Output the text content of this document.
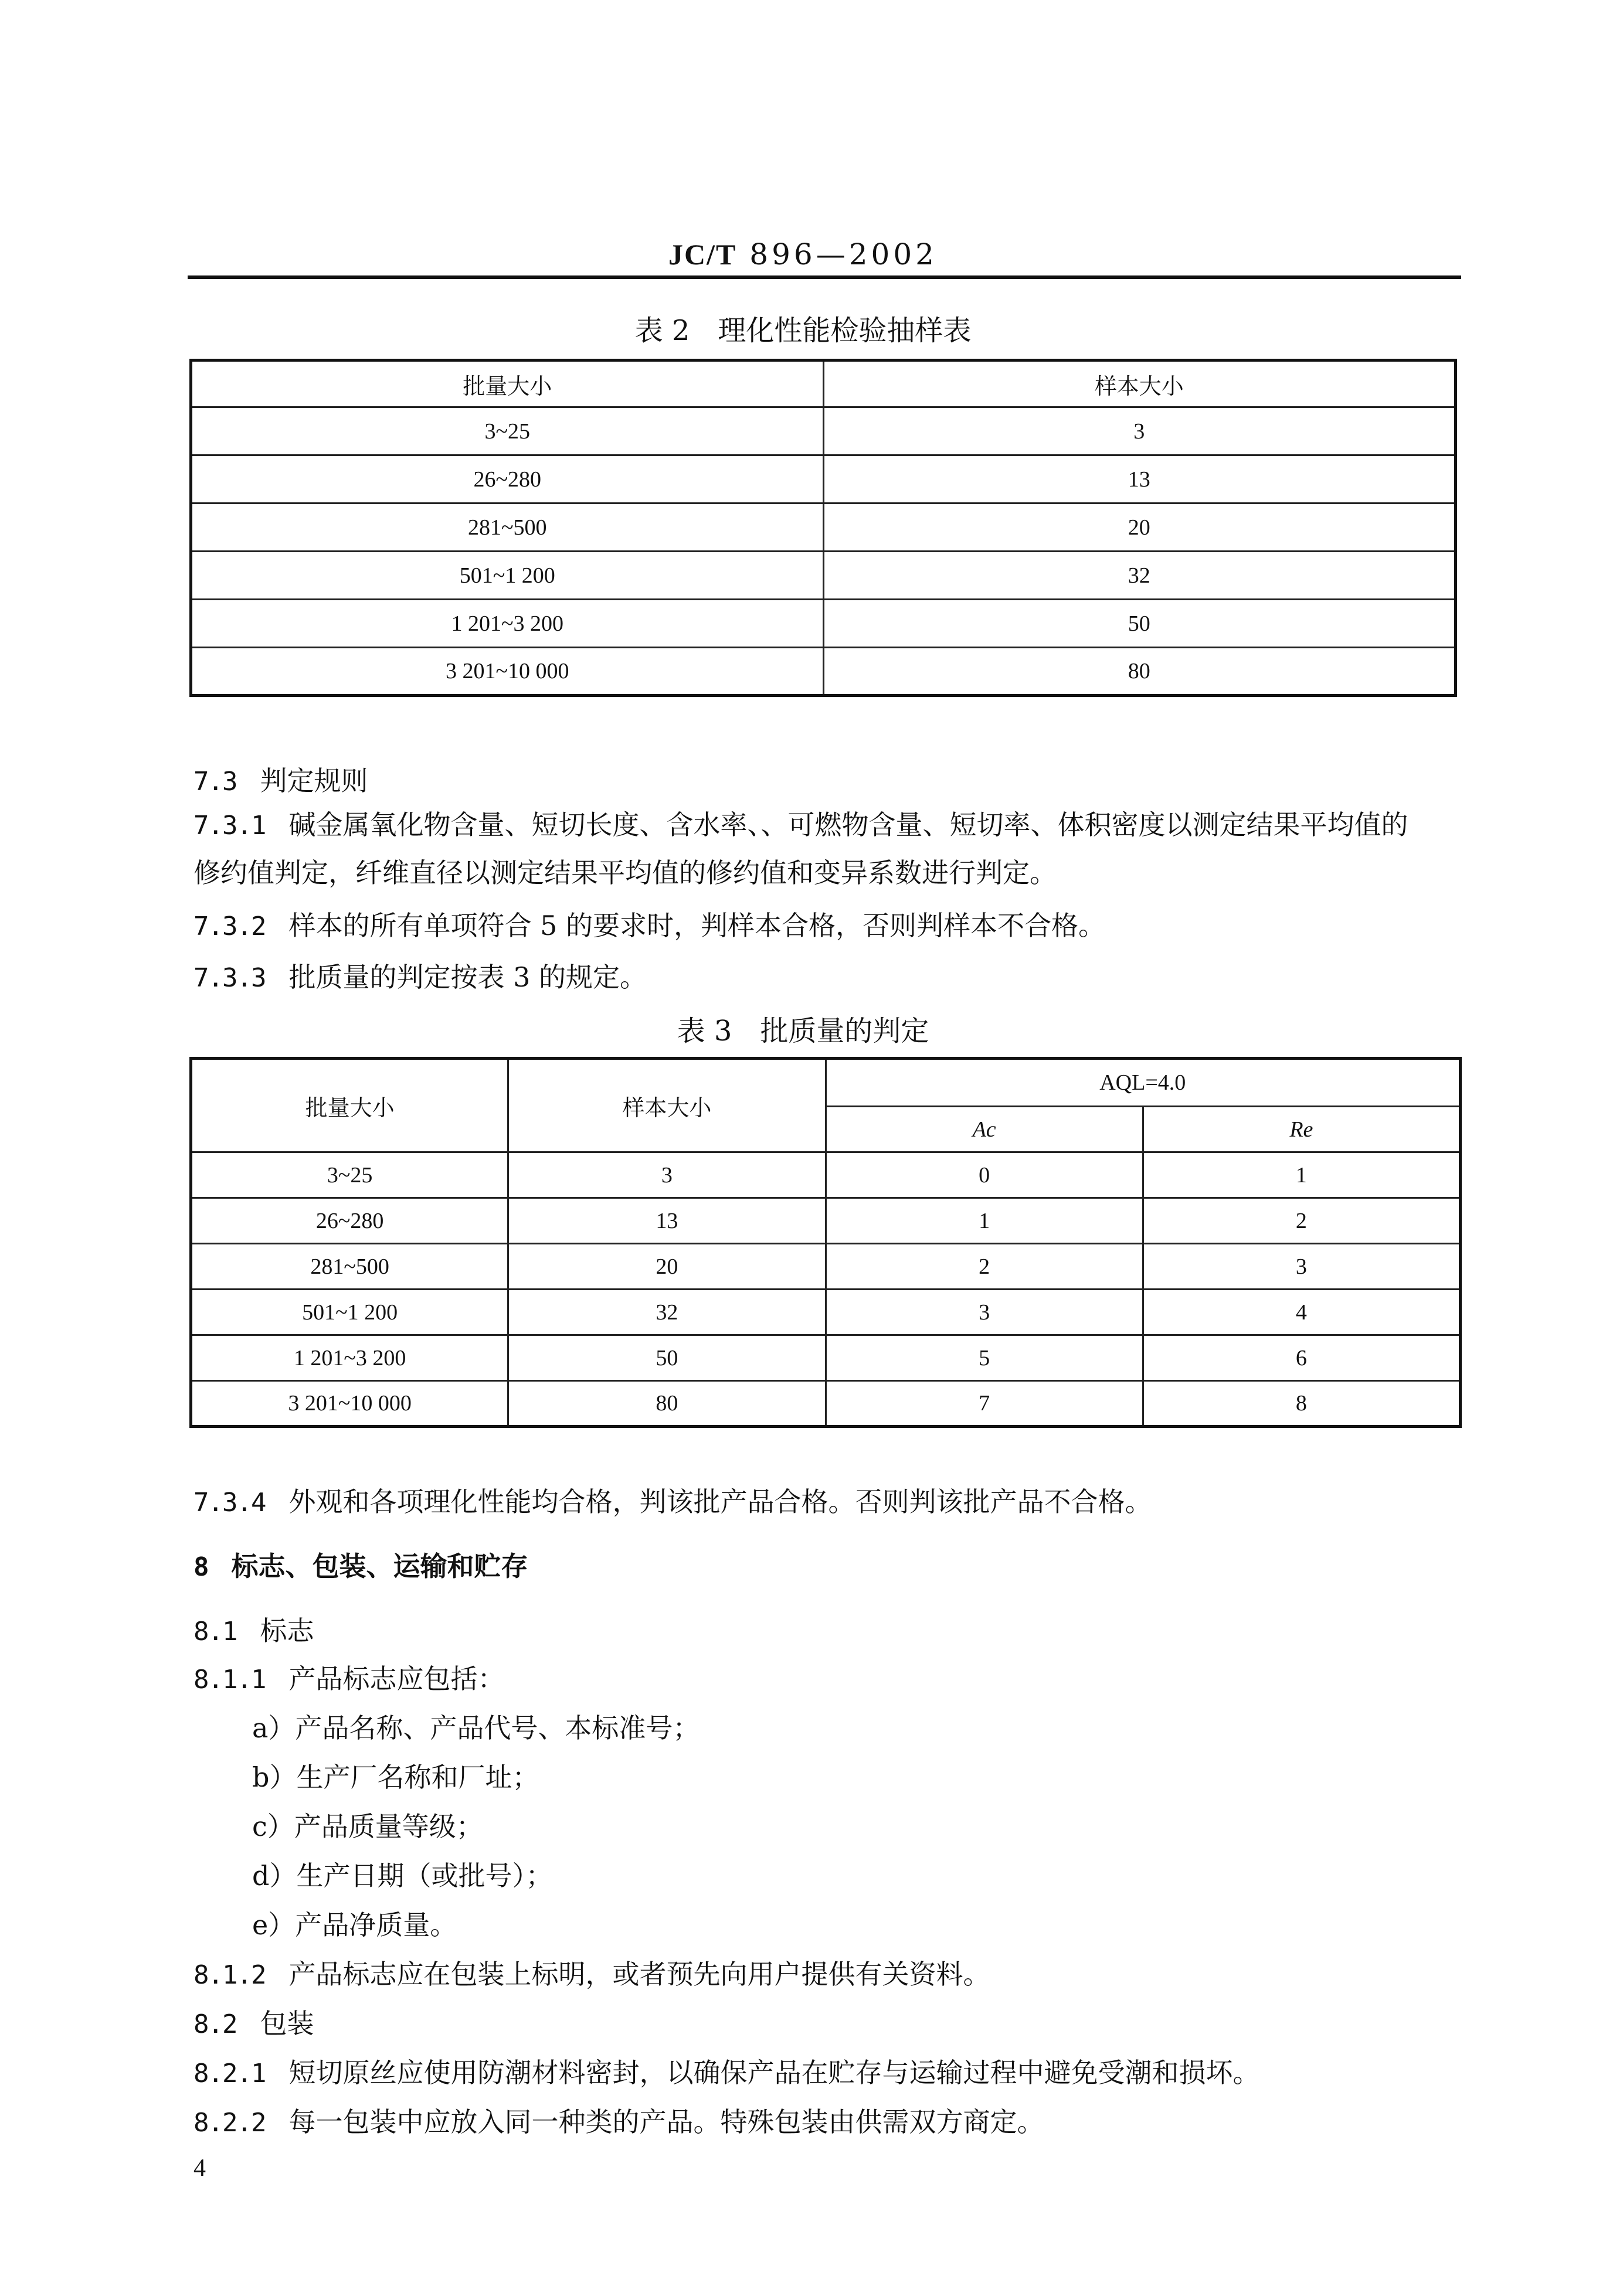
JC/T 896—2002
表 2　理化性能检验抽样表
批量大小	样本大小
3~25	3
26~280	13
281~500	20
501~1 200	32
1 201~3 200	50
3 201~10 000	80
7.3 判定规则
7.3.1 碱金属氧化物含量、短切长度、含水率、、可燃物含量、短切率、体积密度以测定结果平均值的
修约值判定，纤维直径以测定结果平均值的修约值和变异系数进行判定。
7.3.2 样本的所有单项符合 5 的要求时，判样本合格，否则判样本不合格。
7.3.3 批质量的判定按表 3 的规定。
表 3　批质量的判定
批量大小	样本大小	AQL=4.0	
		Ac	Re
3~25	3	0	1
26~280	13	1	2
281~500	20	2	3
501~1 200	32	3	4
1 201~3 200	50	5	6
3 201~10 000	80	7	8
7.3.4 外观和各项理化性能均合格，判该批产品合格。否则判该批产品不合格。
8 标志、包装、运输和贮存
8.1 标志
8.1.1 产品标志应包括：
a）产品名称、产品代号、本标准号；
b）生产厂名称和厂址；
c）产品质量等级；
d）生产日期（或批号）；
e）产品净质量。
8.1.2 产品标志应在包装上标明，或者预先向用户提供有关资料。
8.2 包装
8.2.1 短切原丝应使用防潮材料密封，以确保产品在贮存与运输过程中避免受潮和损坏。
8.2.2 每一包装中应放入同一种类的产品。特殊包装由供需双方商定。
4
